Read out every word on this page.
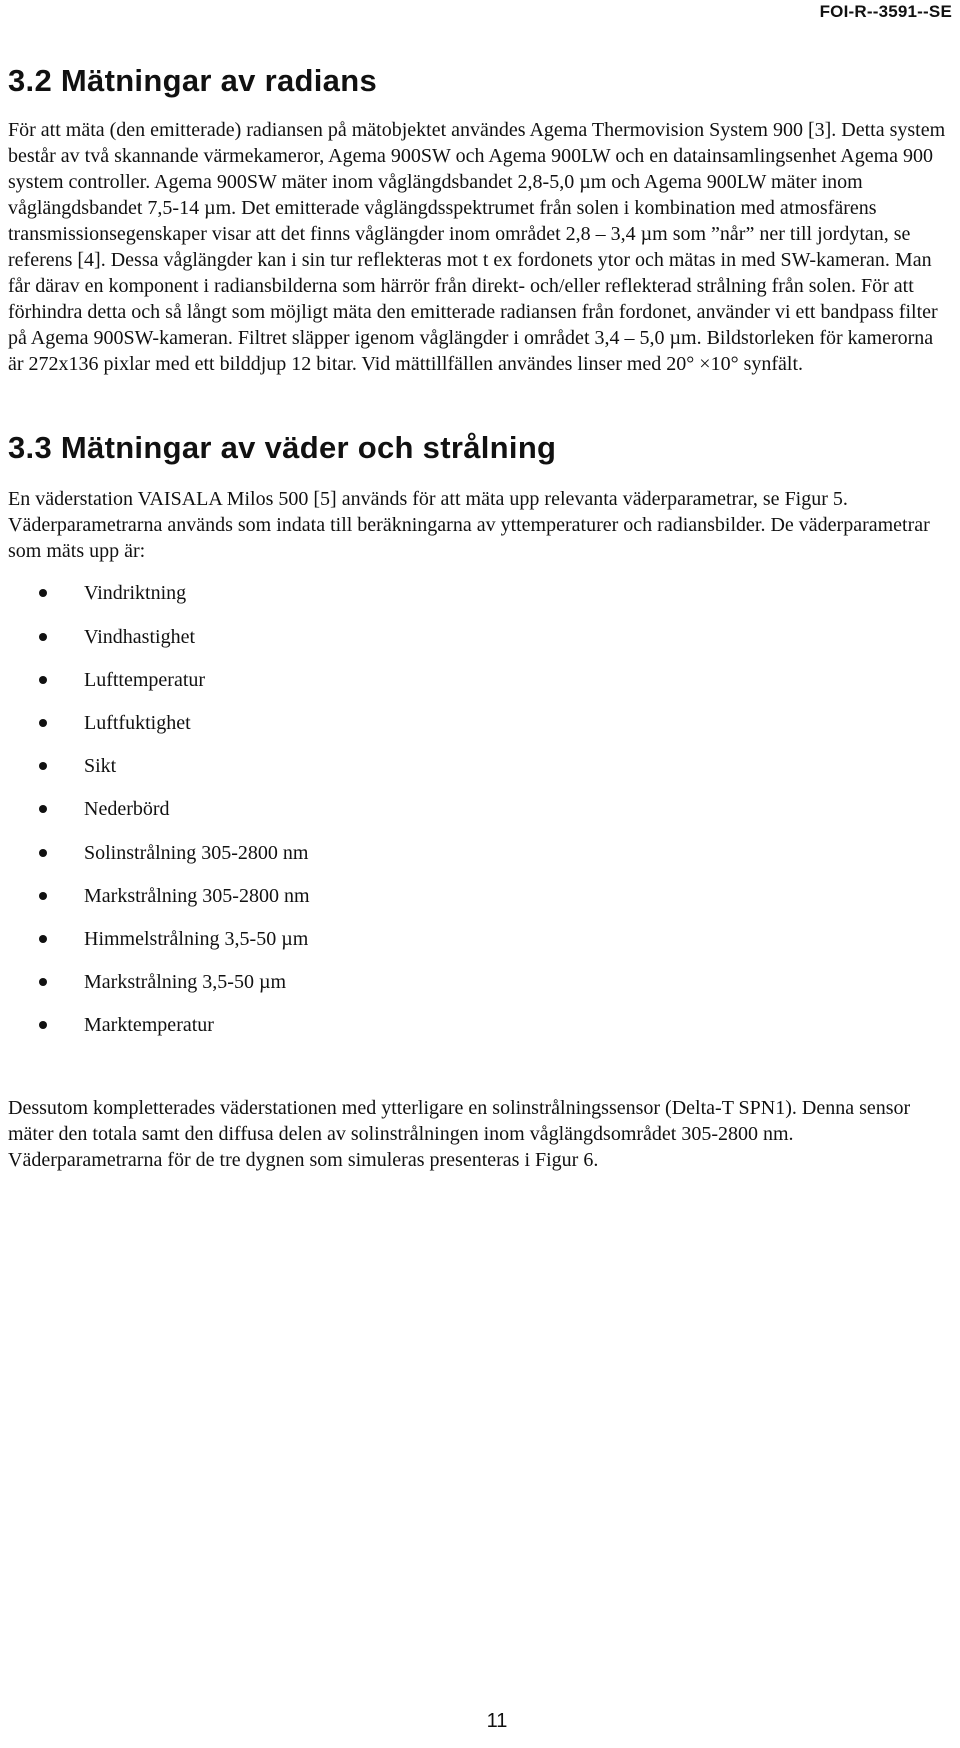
FOI-R--3591--SE
3.2 Mätningar av radians

För att mäta (den emitterade) radiansen på mätobjektet användes Agema Thermovision System 900 [3]. Detta system består av två skannande värmekameror, Agema 900SW och Agema 900LW och en datainsamlingsenhet Agema 900 system controller. Agema 900SW mäter inom våglängdsbandet 2,8-5,0 µm och Agema 900LW mäter inom våglängdsbandet 7,5-14 µm. Det emitterade våglängdsspektrumet från solen i kombination med atmosfärens transmissionsegenskaper visar att det finns våglängder inom området 2,8 – 3,4 µm som ”når” ner till jordytan, se referens [4]. Dessa våglängder kan i sin tur reflekteras mot t ex fordonets ytor och mätas in med SW-kameran. Man får därav en komponent i radiansbilderna som härrör från direkt- och/eller reflekterad strålning från solen. För att förhindra detta och så långt som möjligt mäta den emitterade radiansen från fordonet, använder vi ett bandpass filter på Agema 900SW-kameran. Filtret släpper igenom våglängder i området 3,4 – 5,0 µm. Bildstorleken för kamerorna är 272x136 pixlar med ett bilddjup 12 bitar. Vid mättillfällen användes linser med 20° ×10° synfält.

3.3 Mätningar av väder och strålning

En väderstation VAISALA Milos 500 [5] används för att mäta upp relevanta väderparametrar, se Figur 5. Väderparametrarna används som indata till beräkningarna av yttemperaturer och radiansbilder. De väderparametrar som mäts upp är:

Vindriktning
Vindhastighet
Lufttemperatur
Luftfuktighet
Sikt
Nederbörd
Solinstrålning 305-2800 nm
Markstrålning 305-2800 nm
Himmelstrålning 3,5-50 µm
Markstrålning 3,5-50 µm
Marktemperatur

Dessutom kompletterades väderstationen med ytterligare en solinstrålningssensor (Delta-T SPN1). Denna sensor mäter den totala samt den diffusa delen av solinstrålningen inom våglängdsområdet 305-2800 nm. Väderparametrarna för de tre dygnen som simuleras presenteras i Figur 6.

11
